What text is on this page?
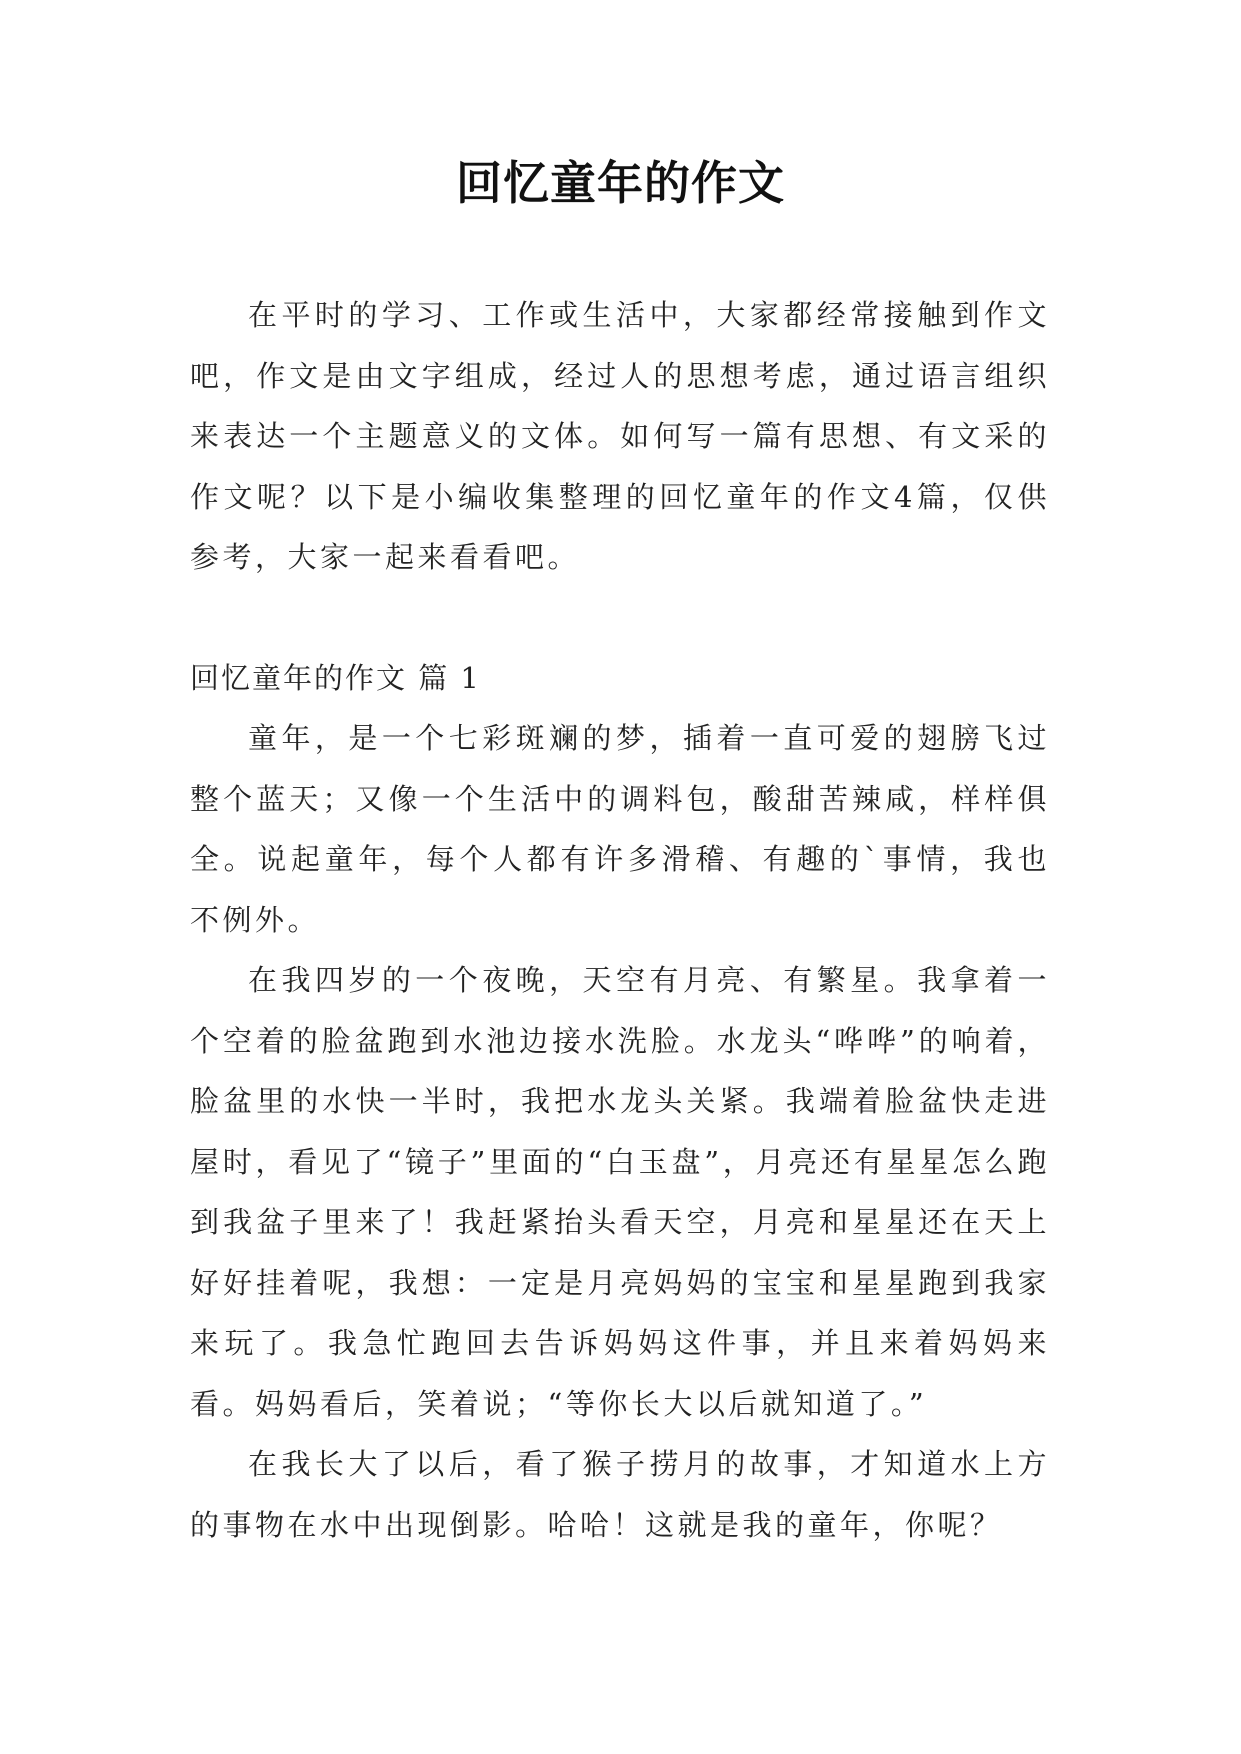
回忆童年的作文

在平时的学习、工作或生活中，大家都经常接触到作文吧，作文是由文字组成，经过人的思想考虑，通过语言组织来表达一个主题意义的文体。如何写一篇有思想、有文采的作文呢？以下是小编收集整理的回忆童年的作文4篇，仅供参考，大家一起来看看吧。

回忆童年的作文 篇 1

童年，是一个七彩斑斓的梦，插着一直可爱的翅膀飞过整个蓝天；又像一个生活中的调料包，酸甜苦辣咸，样样俱全。说起童年，每个人都有许多滑稽、有趣的`事情，我也不例外。

在我四岁的一个夜晚，天空有月亮、有繁星。我拿着一个空着的脸盆跑到水池边接水洗脸。水龙头“哗哗”的响着，脸盆里的水快一半时，我把水龙头关紧。我端着脸盆快走进屋时，看见了“镜子”里面的“白玉盘”，月亮还有星星怎么跑到我盆子里来了！我赶紧抬头看天空，月亮和星星还在天上好好挂着呢，我想：一定是月亮妈妈的宝宝和星星跑到我家来玩了。我急忙跑回去告诉妈妈这件事，并且来着妈妈来看。妈妈看后，笑着说；“等你长大以后就知道了。”

在我长大了以后，看了猴子捞月的故事，才知道水上方的事物在水中出现倒影。哈哈！这就是我的童年，你呢？
